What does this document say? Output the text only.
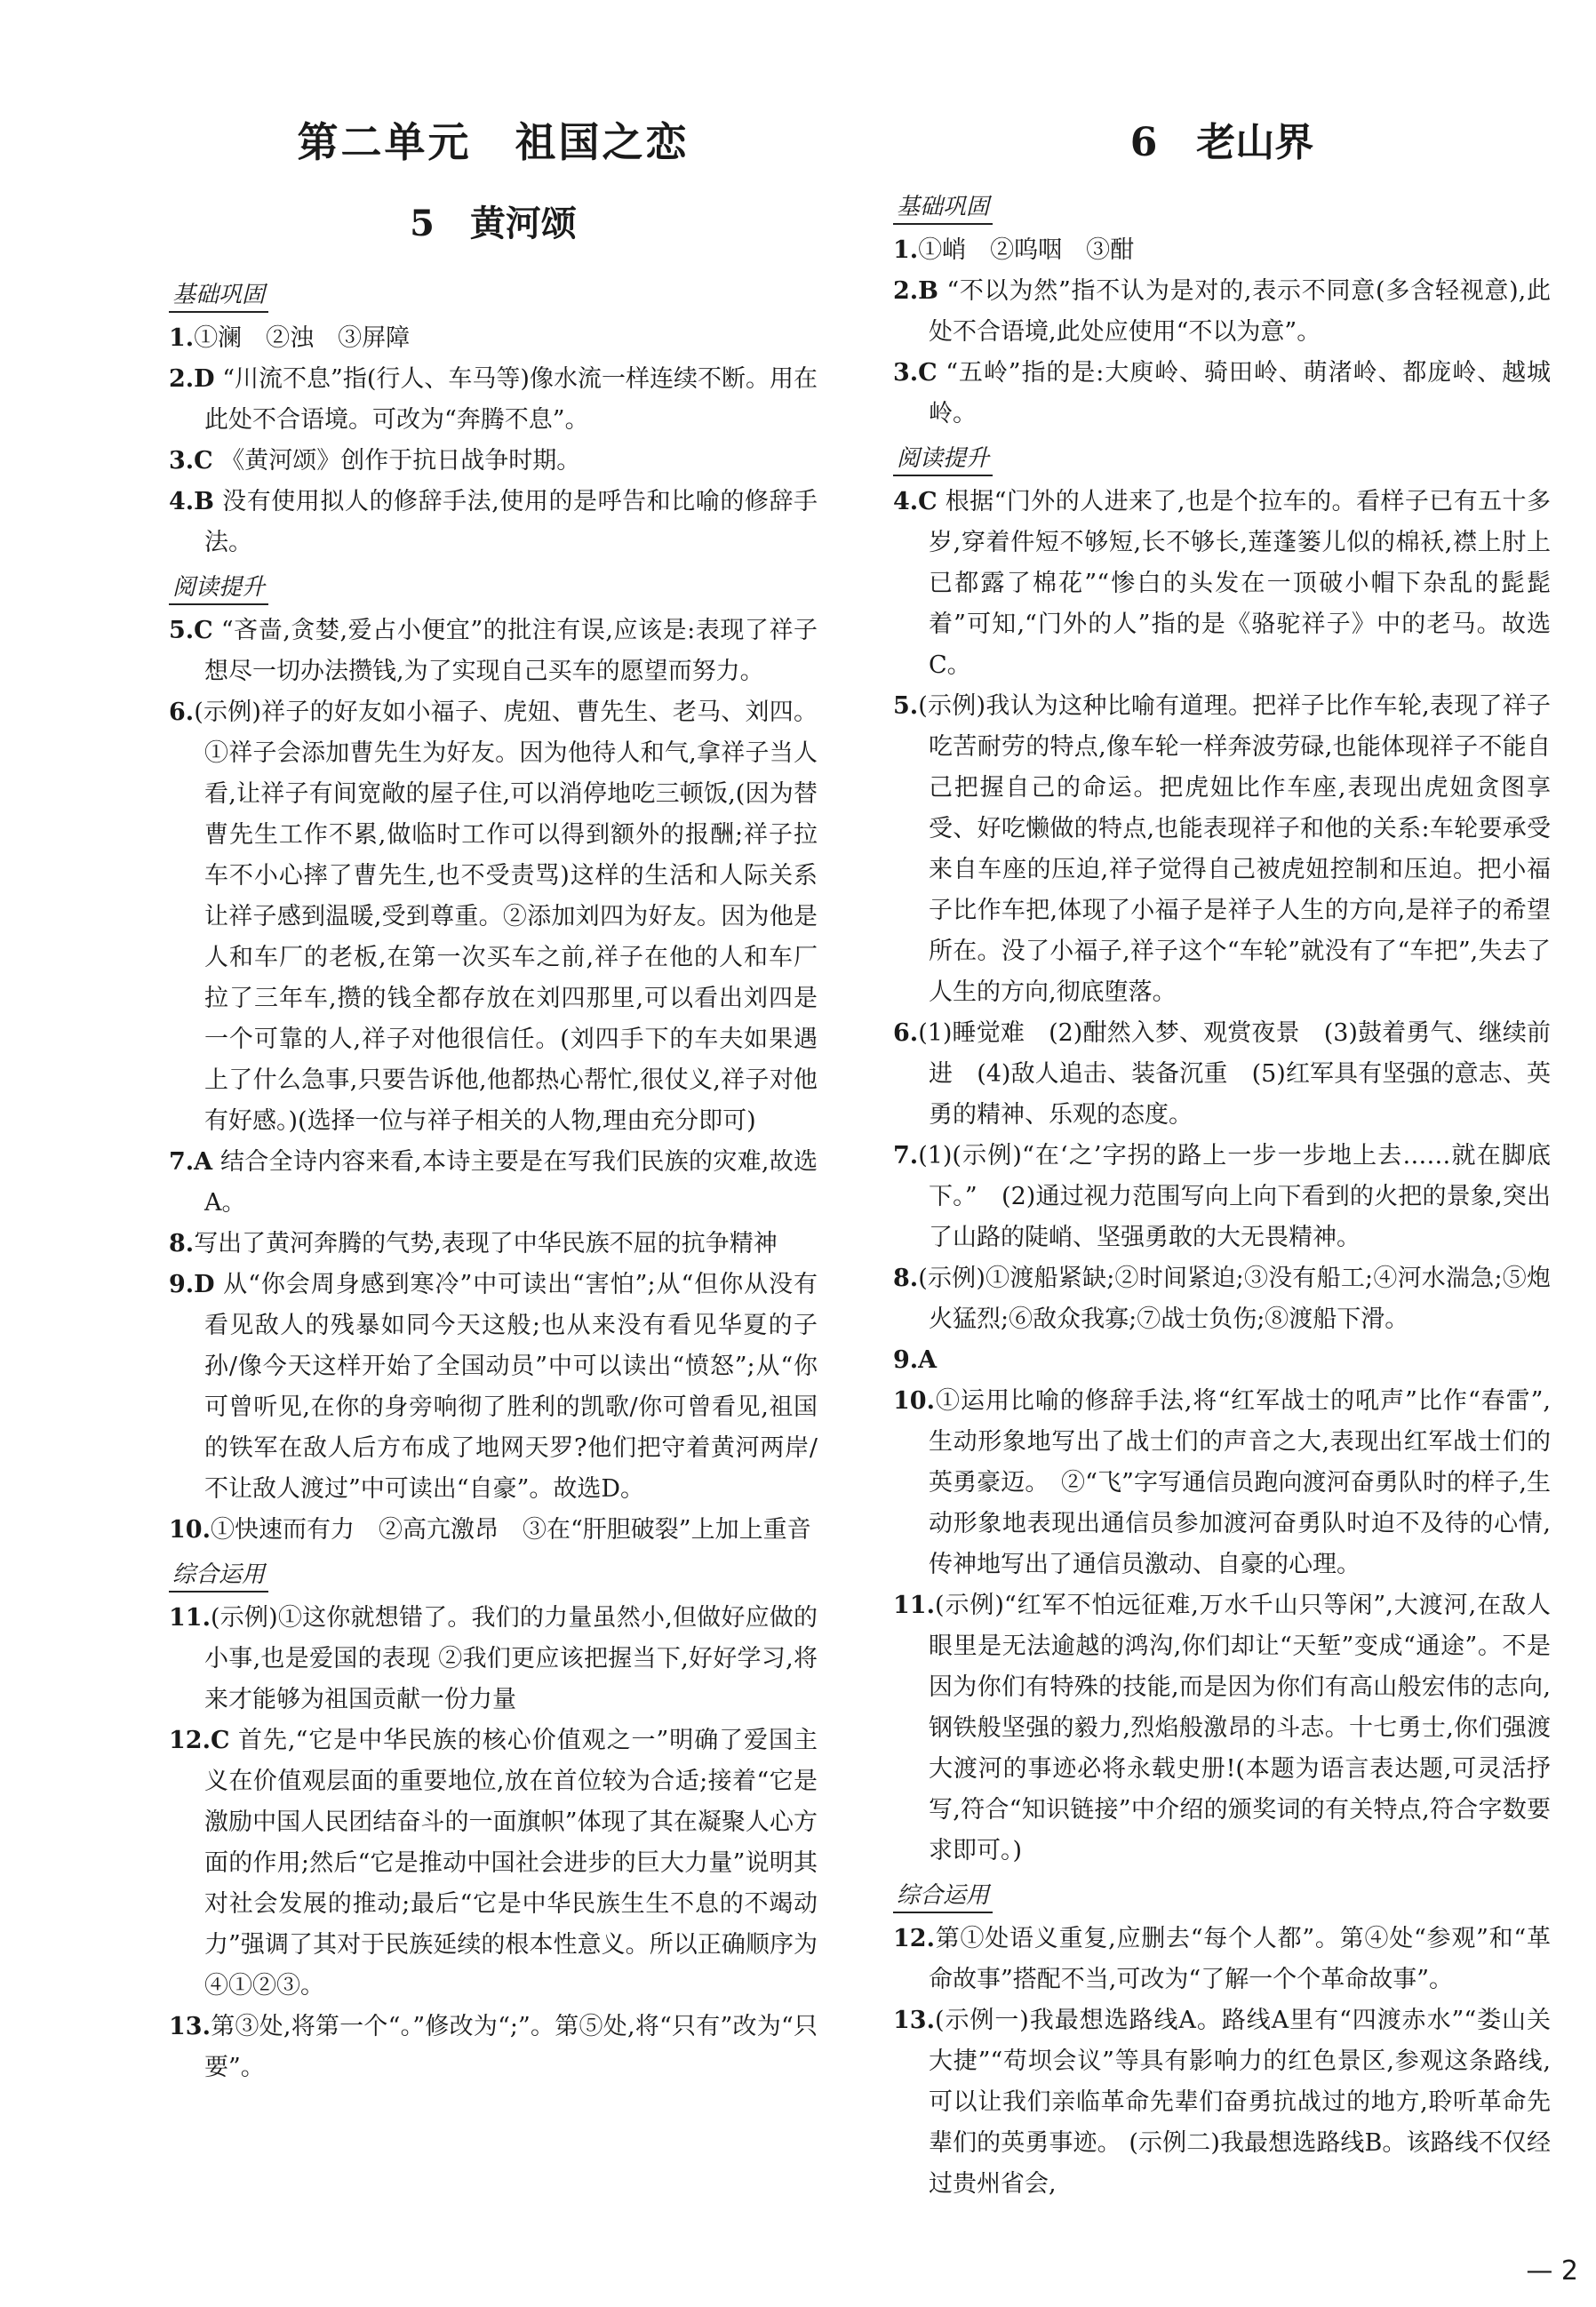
第二单元　祖国之恋
5　黄河颂
基础巩固

1.①澜　②浊　③屏障

2.D “川流不息”指(行人、车马等)像水流一样连续不断。用在此处不合语境。可改为“奔腾不息”。

3.C 《黄河颂》创作于抗日战争时期。

4.B 没有使用拟人的修辞手法,使用的是呼告和比喻的修辞手法。

阅读提升

5.C “吝啬,贪婪,爱占小便宜”的批注有误,应该是:表现了祥子想尽一切办法攒钱,为了实现自己买车的愿望而努力。

6.(示例)祥子的好友如小福子、虎妞、曹先生、老马、刘四。①祥子会添加曹先生为好友。因为他待人和气,拿祥子当人看,让祥子有间宽敞的屋子住,可以消停地吃三顿饭,(因为替曹先生工作不累,做临时工作可以得到额外的报酬;祥子拉车不小心摔了曹先生,也不受责骂)这样的生活和人际关系让祥子感到温暖,受到尊重。②添加刘四为好友。因为他是人和车厂的老板,在第一次买车之前,祥子在他的人和车厂拉了三年车,攒的钱全都存放在刘四那里,可以看出刘四是一个可靠的人,祥子对他很信任。(刘四手下的车夫如果遇上了什么急事,只要告诉他,他都热心帮忙,很仗义,祥子对他有好感。)(选择一位与祥子相关的人物,理由充分即可)

7.A 结合全诗内容来看,本诗主要是在写我们民族的灾难,故选A。

8.写出了黄河奔腾的气势,表现了中华民族不屈的抗争精神

9.D 从“你会周身感到寒冷”中可读出“害怕”;从“但你从没有看见敌人的残暴如同今天这般;也从来没有看见华夏的子孙/像今天这样开始了全国动员”中可以读出“愤怒”;从“你可曾听见,在你的身旁响彻了胜利的凯歌/你可曾看见,祖国的铁军在敌人后方布成了地网天罗?他们把守着黄河两岸/不让敌人渡过”中可读出“自豪”。故选D。

10.①快速而有力　②高亢激昂　③在“肝胆破裂”上加上重音

综合运用

11.(示例)①这你就想错了。我们的力量虽然小,但做好应做的小事,也是爱国的表现 ②我们更应该把握当下,好好学习,将来才能够为祖国贡献一份力量

12.C 首先,“它是中华民族的核心价值观之一”明确了爱国主义在价值观层面的重要地位,放在首位较为合适;接着“它是激励中国人民团结奋斗的一面旗帜”体现了其在凝聚人心方面的作用;然后“它是推动中国社会进步的巨大力量”说明其对社会发展的推动;最后“它是中华民族生生不息的不竭动力”强调了其对于民族延续的根本性意义。所以正确顺序为④①②③。

13.第③处,将第一个“。”修改为“;”。第⑤处,将“只有”改为“只要”。

6　老山界
基础巩固

1.①峭　②呜咽　③酣

2.B “不以为然”指不认为是对的,表示不同意(多含轻视意),此处不合语境,此处应使用“不以为意”。

3.C “五岭”指的是:大庾岭、骑田岭、萌渚岭、都庞岭、越城岭。

阅读提升

4.C 根据“门外的人进来了,也是个拉车的。看样子已有五十多岁,穿着件短不够短,长不够长,莲蓬篓儿似的棉袄,襟上肘上已都露了棉花”“惨白的头发在一顶破小帽下杂乱的髭髭着”可知,“门外的人”指的是《骆驼祥子》中的老马。故选C。

5.(示例)我认为这种比喻有道理。把祥子比作车轮,表现了祥子吃苦耐劳的特点,像车轮一样奔波劳碌,也能体现祥子不能自己把握自己的命运。把虎妞比作车座,表现出虎妞贪图享受、好吃懒做的特点,也能表现祥子和他的关系:车轮要承受来自车座的压迫,祥子觉得自己被虎妞控制和压迫。把小福子比作车把,体现了小福子是祥子人生的方向,是祥子的希望所在。没了小福子,祥子这个“车轮”就没有了“车把”,失去了人生的方向,彻底堕落。

6.(1)睡觉难　(2)酣然入梦、观赏夜景　(3)鼓着勇气、继续前进　(4)敌人追击、装备沉重　(5)红军具有坚强的意志、英勇的精神、乐观的态度。

7.(1)(示例)“在‘之’字拐的路上一步一步地上去……就在脚底下。”　(2)通过视力范围写向上向下看到的火把的景象,突出了山路的陡峭、坚强勇敢的大无畏精神。

8.(示例)①渡船紧缺;②时间紧迫;③没有船工;④河水湍急;⑤炮火猛烈;⑥敌众我寡;⑦战士负伤;⑧渡船下滑。

9.A

10.①运用比喻的修辞手法,将“红军战士的吼声”比作“春雷”,生动形象地写出了战士们的声音之大,表现出红军战士们的英勇豪迈。　②“飞”字写通信员跑向渡河奋勇队时的样子,生动形象地表现出通信员参加渡河奋勇队时迫不及待的心情,传神地写出了通信员激动、自豪的心理。

11.(示例)“红军不怕远征难,万水千山只等闲”,大渡河,在敌人眼里是无法逾越的鸿沟,你们却让“天堑”变成“通途”。不是因为你们有特殊的技能,而是因为你们有高山般宏伟的志向,钢铁般坚强的毅力,烈焰般激昂的斗志。十七勇士,你们强渡大渡河的事迹必将永载史册!(本题为语言表达题,可灵活抒写,符合“知识链接”中介绍的颁奖词的有关特点,符合字数要求即可。)

综合运用

12.第①处语义重复,应删去“每个人都”。第④处“参观”和“革命故事”搭配不当,可改为“了解一个个革命故事”。

13.(示例一)我最想选路线A。路线A里有“四渡赤水”“娄山关大捷”“苟坝会议”等具有影响力的红色景区,参观这条路线,可以让我们亲临革命先辈们奋勇抗战过的地方,聆听革命先辈们的英勇事迹。 (示例二)我最想选路线B。该路线不仅经过贵州省会,

— 2
